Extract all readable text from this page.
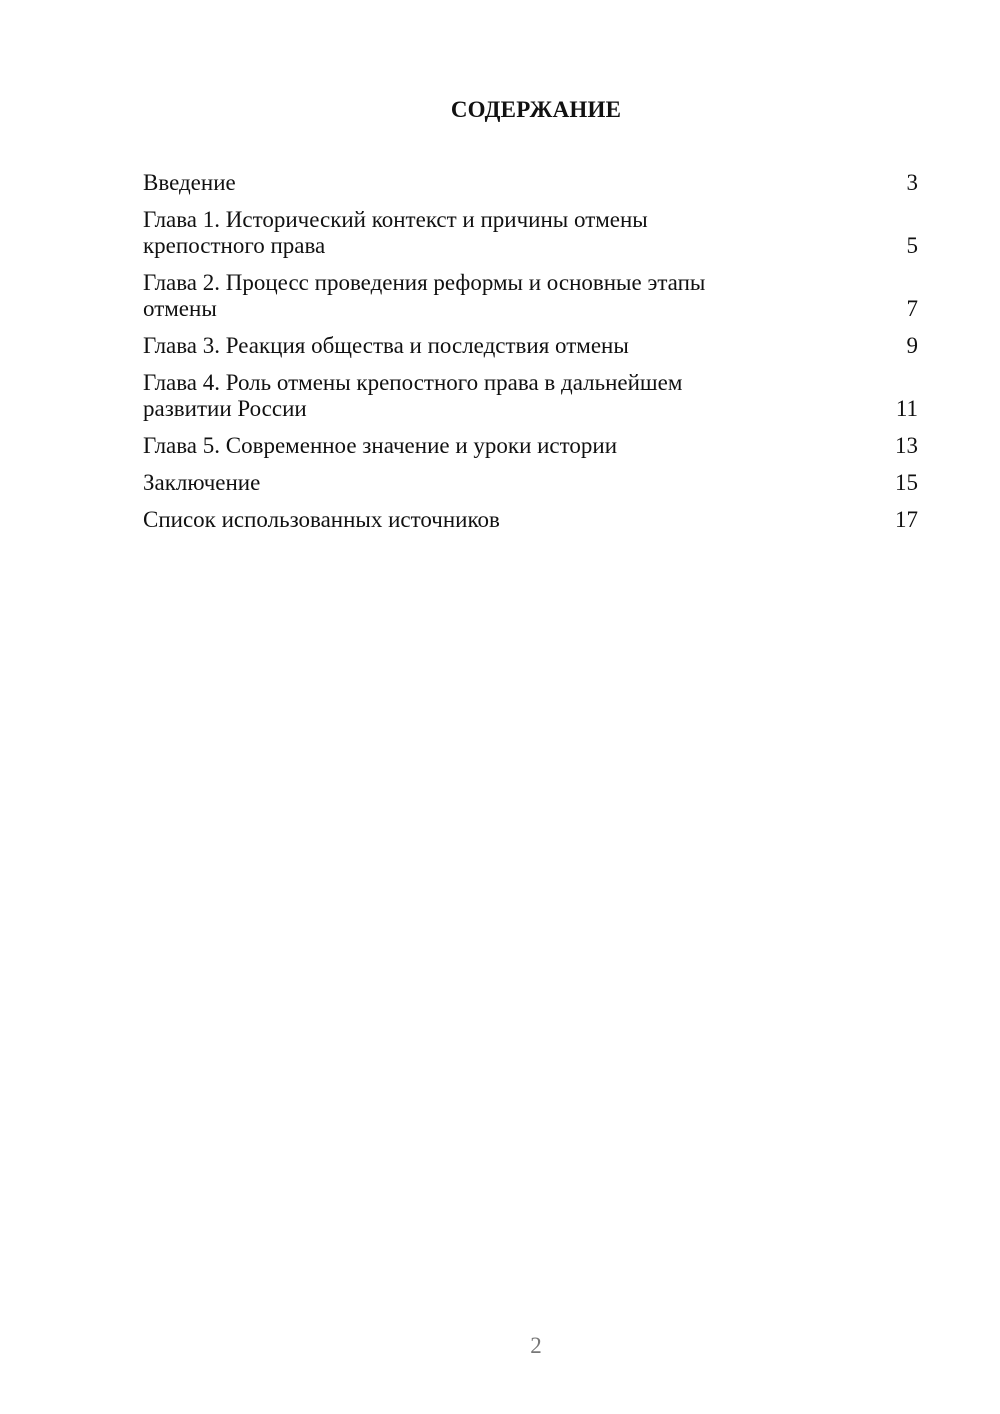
СОДЕРЖАНИЕ
Введение	3
Глава 1. Исторический контекст и причины отмены крепостного права	5
Глава 2. Процесс проведения реформы и основные этапы отмены	7
Глава 3. Реакция общества и последствия отмены	9
Глава 4. Роль отмены крепостного права в дальнейшем развитии России	11
Глава 5. Современное значение и уроки истории	13
Заключение	15
Список использованных источников	17
2
